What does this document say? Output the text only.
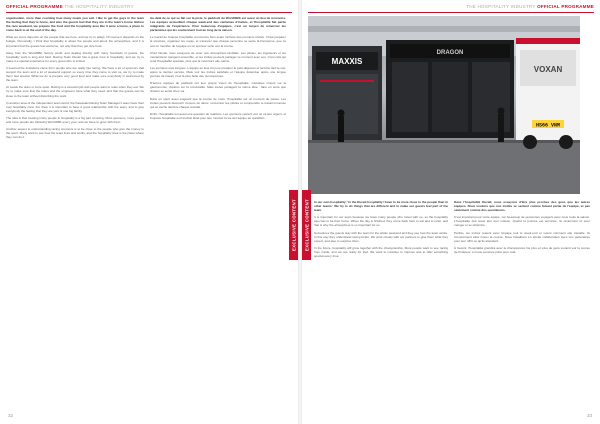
OFFICIAL PROGRAMME THE HOSPITALITY INDUSTRY

organisation, more than counting how many meals you sell. I like to get the guys in the team the feeling that they're home, and also the guests feel that they are in the team's home. Before the race weekend, we prepare the food and the hospitality area like it were a home, a place to come back to at the end of the day.

What we serve depends on the people that are here, and we try to adapt. Of course it depends on the budget. Personally, I think that hospitality is about the people and about the atmosphere, and it is important that the guests feel welcome, not only that they get nice food.

Away from the WorldSBK factory world, and dealing directly with many hundreds of guests, the hospitality work is long and hard. Racing Team Ducati has a great crew in hospitality, and we try to make it a special experience for every guest who is invited.

It seemed the invitations came from people who are really into racing. We have a lot of sponsors that support the team and a lot of weekend support so every time they come to visit us, we try to make them feel special. What we do is prepare very good food and make sure everybody is welcomed by the team.

At meals the team is more quiet. Racing is a stressful job and people want to relax when they eat. We try to make sure that the riders and the engineers have what they need, and that the guests can be close to the team without disturbing the work.

In another area of the independent team world, the Kawasaki Racing Team Manager's team have their own hospitality crew. For them it is important to have a good relationship with the team, and to give everybody the feeling that they are part of one big family.

The idea is that meeting many people in hospitality is a big part of racing. More sponsors, more guests and more people are following WorldSBK every year, and we have to grow with them.

Another aspect to understanding racing sponsors is to be close to the people who give the money to the sport. Many want to see how the team lives and works, and the hospitality area is the place where they can do it.

Au-delà de ce qui se fait sur la piste, le paddock du WorldSBK est aussi un lieu de rencontre. Les équipes accueillent chaque week-end des centaines d'invités, et l'hospitalité fait partie intégrante de l'expérience. Pour beaucoup d'équipes, c'est un moyen de remercier les partenaires qui les soutiennent tout au long de la saison.

Le travail de l'équipe hospitalité commence bien avant l'arrivée des premiers invités. Il faut préparer la structure, organiser les repas, et s'assurer que chaque personne se sente la bienvenue, que ce soit un membre de l'équipe ou un sponsor venu voir la course.

Chez Ducati, nous essayons de créer une atmosphère familiale. Les pilotes, les ingénieurs et les mécaniciens mangent ensemble, et les invités peuvent partager ce moment avec eux. C'est cela qui rend l'hospitalité spéciale, plus que la nourriture elle-même.

Les journées sont longues. L'équipe se lève tôt pour préparer le petit-déjeuner et termine tard le soir, après le dernier service. Mais voir les invités satisfaits et l'équipe détendue après une longue journée de travail, c'est la plus belle des récompenses.

D'autres équipes du paddock ont leur propre vision de l'hospitalité. Certaines misent sur la gastronomie, d'autres sur la convivialité. Mais toutes partagent la même idée : faire en sorte que chacun se sente chez soi.

Dans un sport aussi exigeant que la course de moto, l'hospitalité est un moment de pause. Les invités peuvent découvrir l'envers du décor, rencontrer les pilotes et comprendre le travail immense qui se cache derrière chaque résultat.

Enfin, l'hospitalité est aussi une question de relations. Les sponsors veulent voir où va leur argent, et l'espace hospitalité est l'endroit idéal pour leur montrer la vie de l'équipe au quotidien.

EXCLUSIVE CONTENT
32
THE HOSPITALITY INDUSTRY OFFICIAL PROGRAMME
MAXXIS
DRAGON
VOXAN
HS66 VNM
EXCLUSIVE CONTENT In our own hospitality: 'In the Ducati hospitality I have to be more close to the people than in other teams.' We try to do things that are different and to make our guests feel part of the team.

It is important for our team because we have many people who travel with us, so the hospitality also has to be their home. When the day is finished, they come back here to eat and to relax, and that is why the atmosphere is so important for us.

Sometimes the guests stay with the team for the whole weekend and they see how the team works. In this way they understand racing better. We work closely with our partners to give them what they expect, and also to surprise them.

In the future, hospitality will grow together with the championship. More people want to see racing from inside, and we are ready for that. We want to continue to improve and to offer something special every time.

Dans l'hospitalité Ducati, nous essayons d'être plus proches des gens que les autres équipes. Nous voulons que nos invités se sentent comme faisant partie de l'équipe, et pas seulement comme des spectateurs.

C'est important pour notre équipe, car beaucoup de personnes voyagent avec nous toute la saison. L'hospitalité doit aussi être leur maison. Quand la journée est terminée, ils reviennent ici pour manger et se détendre.

Parfois, les invités restent avec l'équipe tout le week-end et voient comment elle travaille. Ils comprennent ainsi mieux la course. Nous travaillons en étroite collaboration avec nos partenaires pour leur offrir ce qu'ils attendent.

À l'avenir, l'hospitalité grandira avec le championnat. De plus en plus de gens veulent voir la course de l'intérieur, et nous sommes prêts pour cela.

33
